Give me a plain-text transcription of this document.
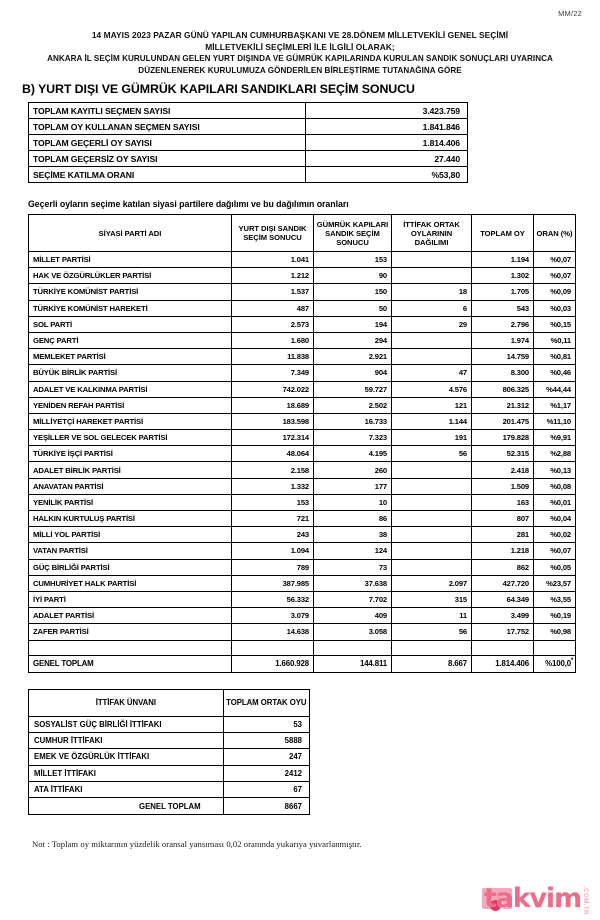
MM/22
14 MAYIS 2023 PAZAR GÜNÜ YAPILAN CUMHURBAŞKANI VE 28.DÖNEM MİLLETVEKİLİ GENEL SEÇİMİ
MİLLETVEKİLİ SEÇİMLERİ İLE İLGİLİ OLARAK;
ANKARA İL SEÇİM KURULUNDAN GELEN YURT DIŞINDA VE GÜMRÜK KAPILARINDA KURULAN SANDIK SONUÇLARI UYARINCA
DÜZENLENEREK KURULUMUZA GÖNDERİLEN BİRLEŞTİRME TUTANAĞINA GÖRE
B) YURT DIŞI VE GÜMRÜK KAPILARI SANDIKLARI SEÇİM SONUCU
TOPLAM KAYITLI SEÇMEN SAYISI	3.423.759
TOPLAM OY KULLANAN SEÇMEN SAYISI	1.841.846
TOPLAM GEÇERLİ OY SAYISI	1.814.406
TOPLAM GEÇERSİZ OY SAYISI	27.440
SEÇİME KATILMA ORANI	%53,80
Geçerli oyların seçime katılan siyasi partilere dağılımı ve bu dağılımın oranları
SİYASİ PARTİ ADI	YURT DIŞI SANDIK SEÇİM SONUCU	GÜMRÜK KAPILARI SANDIK SEÇİM SONUCU	İTTİFAK ORTAK OYLARININ DAĞILIMI	TOPLAM OY	ORAN (%)
MİLLET PARTİSİ	1.041	153		1.194	%0,07
HAK VE ÖZGÜRLÜKLER PARTİSİ	1.212	90		1.302	%0,07
TÜRKİYE KOMÜNİST PARTİSİ	1.537	150	18	1.705	%0,09
TÜRKİYE KOMÜNİST HAREKETİ	487	50	6	543	%0,03
SOL PARTİ	2.573	194	29	2.796	%0,15
GENÇ PARTİ	1.680	294		1.974	%0,11
MEMLEKET PARTİSİ	11.838	2.921		14.759	%0,81
BÜYÜK BİRLİK PARTİSİ	7.349	904	47	8.300	%0,46
ADALET VE KALKINMA PARTİSİ	742.022	59.727	4.576	806.325	%44,44
YENİDEN REFAH PARTİSİ	18.689	2.502	121	21.312	%1,17
MİLLİYETÇİ HAREKET PARTİSİ	183.598	16.733	1.144	201.475	%11,10
YEŞİLLER VE SOL GELECEK PARTİSİ	172.314	7.323	191	179.828	%9,91
TÜRKİYE İŞÇİ PARTİSİ	48.064	4.195	56	52.315	%2,88
ADALET BİRLİK PARTİSİ	2.158	260		2.418	%0,13
ANAVATAN PARTİSİ	1.332	177		1.509	%0,08
YENİLİK PARTİSİ	153	10		163	%0,01
HALKIN KURTULUŞ PARTİSİ	721	86		807	%0,04
MİLLİ YOL PARTİSİ	243	38		281	%0,02
VATAN PARTİSİ	1.094	124		1.218	%0,07
GÜÇ BİRLİĞİ PARTİSİ	789	73		862	%0,05
CUMHURİYET HALK PARTİSİ	387.985	37.638	2.097	427.720	%23,57
İYİ PARTİ	56.332	7.702	315	64.349	%3,55
ADALET PARTİSİ	3.079	409	11	3.499	%0,19
ZAFER PARTİSİ	14.638	3.058	56	17.752	%0,98

GENEL TOPLAM	1.660.928	144.811	8.667	1.814.406	%100,0 *
İTTİFAK ÜNVANI	TOPLAM ORTAK OYU
SOSYALİST GÜÇ BİRLİĞİ İTTİFAKI	53
CUMHUR İTTİFAKI	5888
EMEK VE ÖZGÜRLÜK İTTİFAKI	247
MİLLET İTTİFAKI	2412
ATA İTTİFAKI	67
GENEL TOPLAM	8667
Not : Toplam oy miktarının yüzdelik oransal yansıması 0,02 oranında yukarıya yuvarlanmıştır.
takvim .COM.TR
